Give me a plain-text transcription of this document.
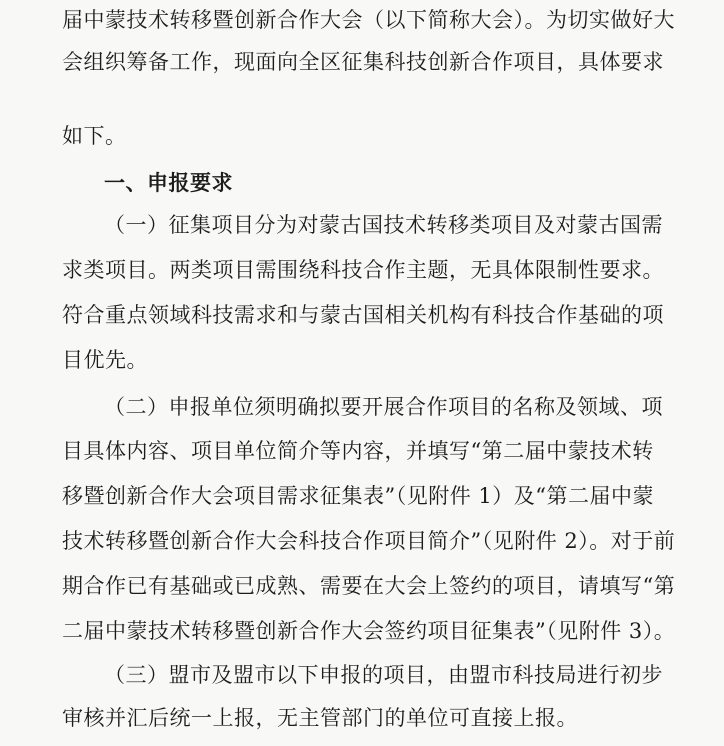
届中蒙技术转移暨创新合作大会（以下简称大会）。为切实做好大
会组织筹备工作，现面向全区征集科技创新合作项目，具体要求
如下。
一、申报要求
（一）征集项目分为对蒙古国技术转移类项目及对蒙古国需
求类项目。两类项目需围绕科技合作主题，无具体限制性要求。
符合重点领域科技需求和与蒙古国相关机构有科技合作基础的项
目优先。
（二）申报单位须明确拟要开展合作项目的名称及领域、项
目具体内容、项目单位简介等内容，并填写“第二届中蒙技术转
移暨创新合作大会项目需求征集表”（见附件 1）及“第二届中蒙
技术转移暨创新合作大会科技合作项目简介”（见附件 2）。对于前
期合作已有基础或已成熟、需要在大会上签约的项目，请填写“第
二届中蒙技术转移暨创新合作大会签约项目征集表”（见附件 3）。
（三）盟市及盟市以下申报的项目，由盟市科技局进行初步
审核并汇后统一上报，无主管部门的单位可直接上报。
